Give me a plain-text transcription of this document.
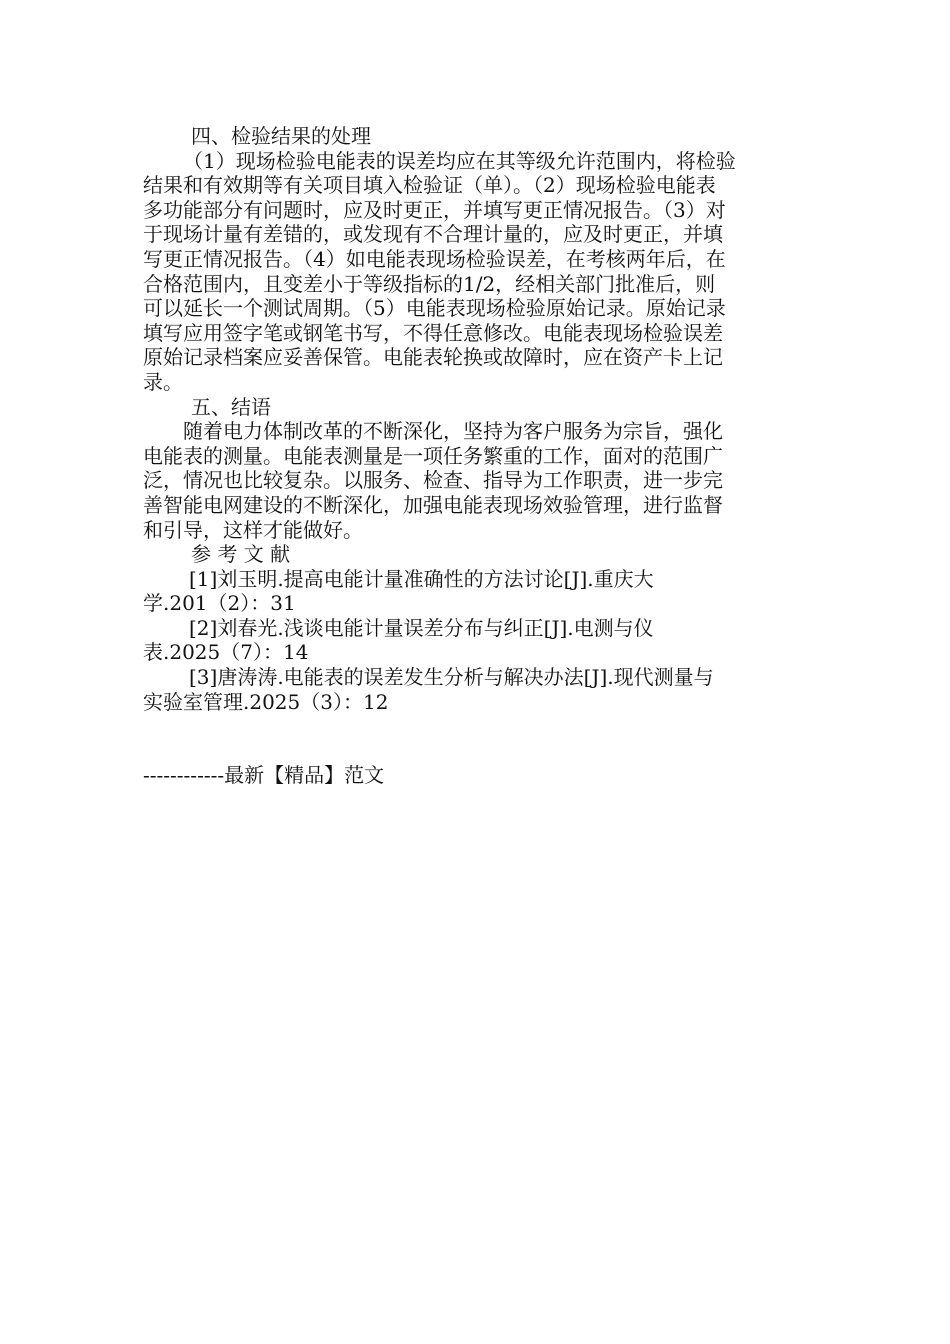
四、检验结果的处理
（1）现场检验电能表的误差均应在其等级允许范围内，将检验
结果和有效期等有关项目填入检验证（单）。（2）现场检验电能表
多功能部分有问题时，应及时更正，并填写更正情况报告。（3）对
于现场计量有差错的，或发现有不合理计量的，应及时更正，并填
写更正情况报告。（4）如电能表现场检验误差，在考核两年后，在
合格范围内，且变差小于等级指标的1/2，经相关部门批准后，则
可以延长一个测试周期。（5）电能表现场检验原始记录。原始记录
填写应用签字笔或钢笔书写，不得任意修改。电能表现场检验误差
原始记录档案应妥善保管。电能表轮换或故障时，应在资产卡上记
录。
五、结语
随着电力体制改革的不断深化，坚持为客户服务为宗旨，强化
电能表的测量。电能表测量是一项任务繁重的工作，面对的范围广
泛，情况也比较复杂。以服务、检查、指导为工作职责，进一步完
善智能电网建设的不断深化，加强电能表现场效验管理，进行监督
和引导，这样才能做好。
参 考 文 献
[1]刘玉明.提高电能计量准确性的方法讨论[J].重庆大
学.201（2）：31
[2]刘春光.浅谈电能计量误差分布与纠正[J].电测与仪
表.2025（7）：14
[3]唐涛涛.电能表的误差发生分析与解决办法[J].现代测量与
实验室管理.2025（3）：12
------------最新【精品】范文
